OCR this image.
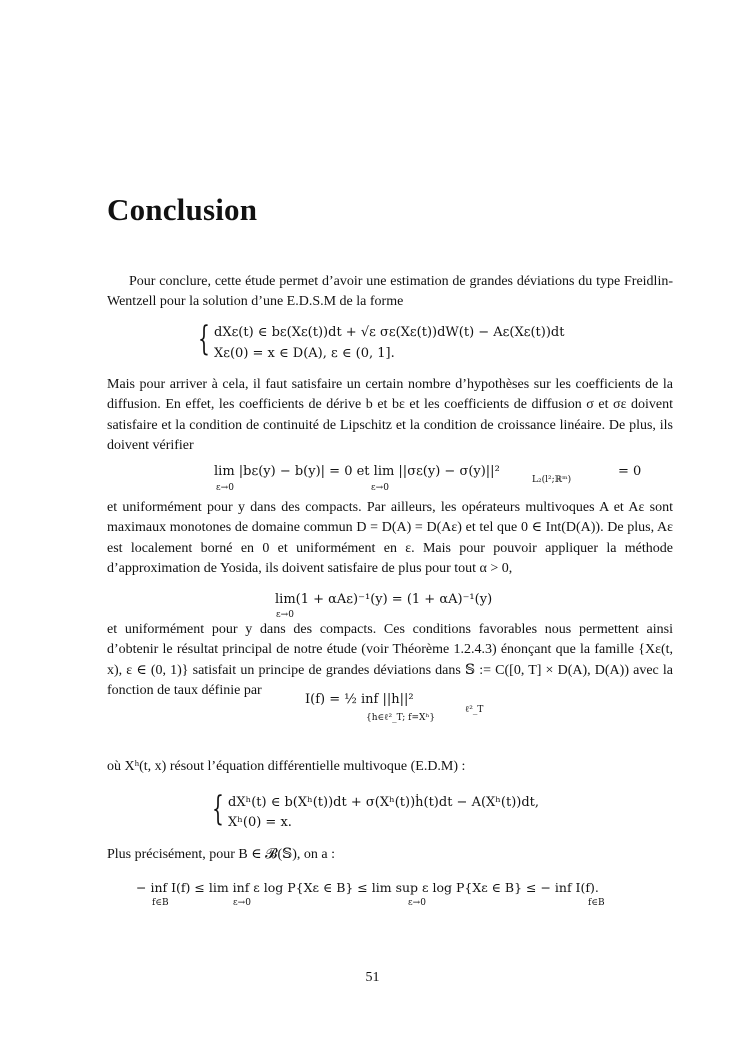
Conclusion

Pour conclure, cette étude permet d’avoir une estimation de grandes déviations du type Freidlin-Wentzell pour la solution d’une E.D.S.M de la forme

Mais pour arriver à cela, il faut satisfaire un certain nombre d’hypothèses sur les coefficients de la diffusion. En effet, les coefficients de dérive b et bε et les coefficients de diffusion σ et σε doivent satisfaire et la condition de continuité de Lipschitz et la condition de croissance linéaire. De plus, ils doivent vérifier

et uniformément pour y dans des compacts. Par ailleurs, les opérateurs multivoques A et Aε sont maximaux monotones de domaine commun D = D(A) = D(Aε) et tel que 0 ∈ Int(D(A)). De plus, Aε est localement borné en 0 et uniformément en ε. Mais pour pouvoir appliquer la méthode d’approximation de Yosida, ils doivent satisfaire de plus pour tout α > 0,

et uniformément pour y dans des compacts. Ces conditions favorables nous permettent ainsi d’obtenir le résultat principal de notre étude (voir Théorème 1.2.4.3) énonçant que la famille {Xε(t, x), ε ∈ (0, 1)} satisfait un principe de grandes déviations dans 𝕊 := C([0, T] × D(A), D(A)) avec la fonction de taux définie par

où Xʰ(t, x) résout l’équation différentielle multivoque (E.D.M) :

Plus précisément, pour B ∈ 𝓑(𝕊), on a :

{ dXε(t) ∈ bε(Xε(t))dt + √ε σε(Xε(t))dW(t) − Aε(Xε(t))dt
Xε(0) = x ∈ D(A), ε ∈ (0, 1].
lim |bε(y) − b(y)| = 0 et lim ||σε(y) − σ(y)||²
ε→0	ε→0
L₂(l²;ℝᵐ)
= 0
lim(1 + αAε)⁻¹(y) = (1 + αA)⁻¹(y)
ε→0
I(f) = ½ inf ||h||²
{h∈ℓ²_T; f=Xʰ}
ℓ²_T
{ dXʰ(t) ∈ b(Xʰ(t))dt + σ(Xʰ(t))ḣ(t)dt − A(Xʰ(t))dt,
Xʰ(0) = x.
− inf I(f) ≤ lim inf ε log P{Xε ∈ B} ≤ lim sup ε log P{Xε ∈ B} ≤ − inf I(f).
f∈B	ε→0	ε→0	f∈B
51
